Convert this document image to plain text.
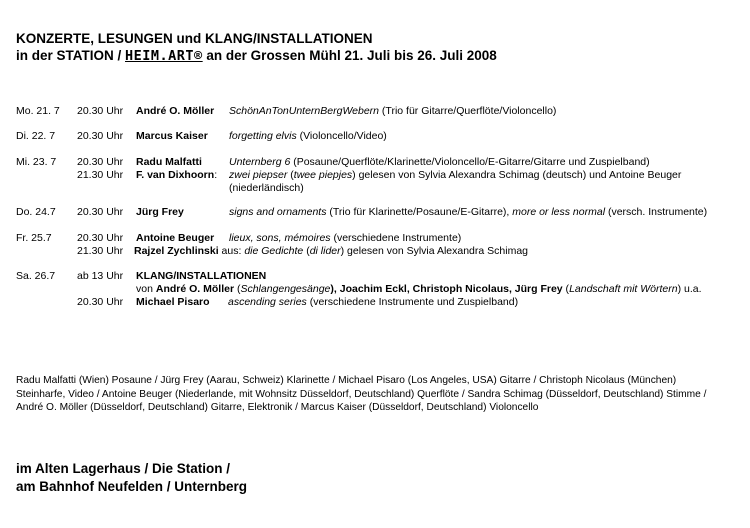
KONZERTE, LESUNGEN und KLANG/INSTALLATIONEN
in der STATION / HEIM.ART® an der Grossen Mühl 21. Juli bis 26. Juli 2008
Mo. 21. 7 20.30 Uhr André O. Möller SchönAnTonUnternBergWebern (Trio für Gitarre/Querflöte/Violoncello)
Di. 22. 7 20.30 Uhr Marcus Kaiser forgetting elvis (Violoncello/Video)
Mi. 23. 7 20.30 Uhr Radu Malfatti	Unternberg 6 (Posaune/Querflöte/Klarinette/Violoncello/E-Gitarre/Gitarre und Zuspielband)
21.30 Uhr F. van Dixhoorn: zwei piepser (twee piepjes) gelesen von Sylvia Alexandra Schimag (deutsch) und Antoine Beuger
(niederländisch)
Do. 24.7 20.30 Uhr Jürg Frey	signs and ornaments (Trio für Klarinette/Posaune/E-Gitarre), more or less normal (versch. Instrumente)
Fr. 25.7 20.30 Uhr Antoine Beuger lieux, sons, mémoires (verschiedene Instrumente)
21.30 Uhr Rajzel Zychlinski aus: die Gedichte (di lider) gelesen von Sylvia Alexandra Schimag
Sa. 26.7 ab 13 Uhr KLANG/INSTALLATIONEN
von André O. Möller (Schlangengesänge), Joachim Eckl, Christoph Nicolaus, Jürg Frey (Landschaft mit Wörtern) u.a.
20.30 Uhr Michael Pisaro ascending series (verschiedene Instrumente und Zuspielband)
Radu Malfatti (Wien) Posaune / Jürg Frey (Aarau, Schweiz) Klarinette / Michael Pisaro (Los Angeles, USA) Gitarre / Christoph Nicolaus (München)
Steinharfe, Video / Antoine Beuger (Niederlande, mit Wohnsitz Düsseldorf, Deutschland) Querflöte / Sandra Schimag (Düsseldorf, Deutschland) Stimme /
André O. Möller (Düsseldorf, Deutschland) Gitarre, Elektronik / Marcus Kaiser (Düsseldorf, Deutschland) Violoncello
im Alten Lagerhaus / Die Station /
am Bahnhof Neufelden / Unternberg
